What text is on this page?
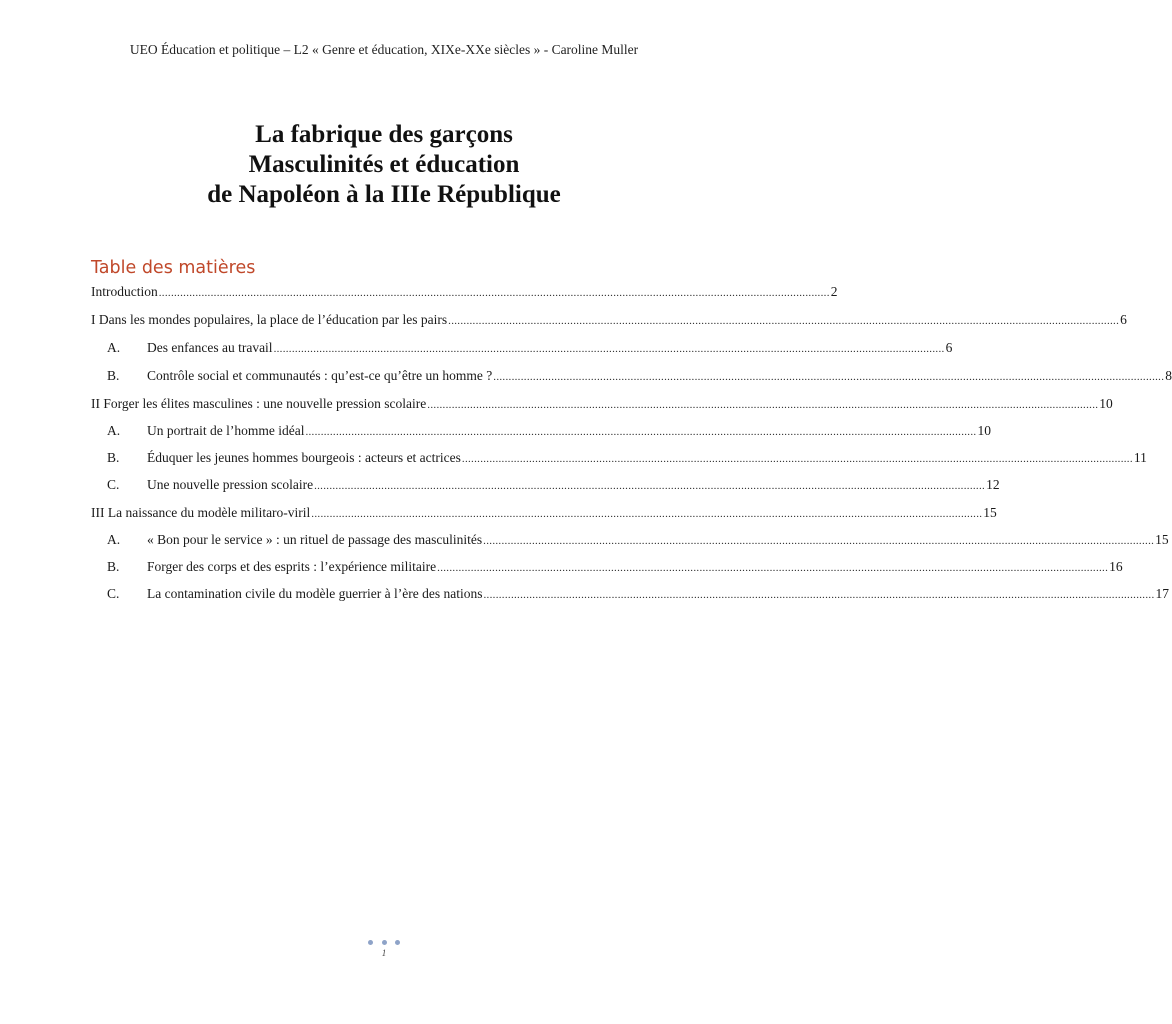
UEO Éducation et politique – L2 « Genre et éducation, XIXe-XXe siècles » - Caroline Muller
La fabrique des garçons
Masculinités et éducation
de Napoléon à la IIIe République
Table des matières
Introduction ............................................................................................................................................................................................................................ 2
I Dans les mondes populaires, la place de l’éducation par les pairs ............................................................................................................................................................................................................................ 6
A.	Des enfances au travail ............................................................................................................................................................................................................................ 6
B.	Contrôle social et communautés : qu’est-ce qu’être un homme ? ............................................................................................................................................................................................................................ 8
II Forger les élites masculines : une nouvelle pression scolaire ............................................................................................................................................................................................................................ 10
A.	Un portrait de l’homme idéal ............................................................................................................................................................................................................................ 10
B.	Éduquer les jeunes hommes bourgeois : acteurs et actrices ............................................................................................................................................................................................................................ 11
C.	Une nouvelle pression scolaire ............................................................................................................................................................................................................................ 12
III La naissance du modèle militaro-viril ............................................................................................................................................................................................................................ 15
A.	« Bon pour le service » : un rituel de passage des masculinités ............................................................................................................................................................................................................................ 15
B.	Forger des corps et des esprits : l’expérience militaire ............................................................................................................................................................................................................................ 16
C.	La contamination civile du modèle guerrier à l’ère des nations ............................................................................................................................................................................................................................ 17
1
